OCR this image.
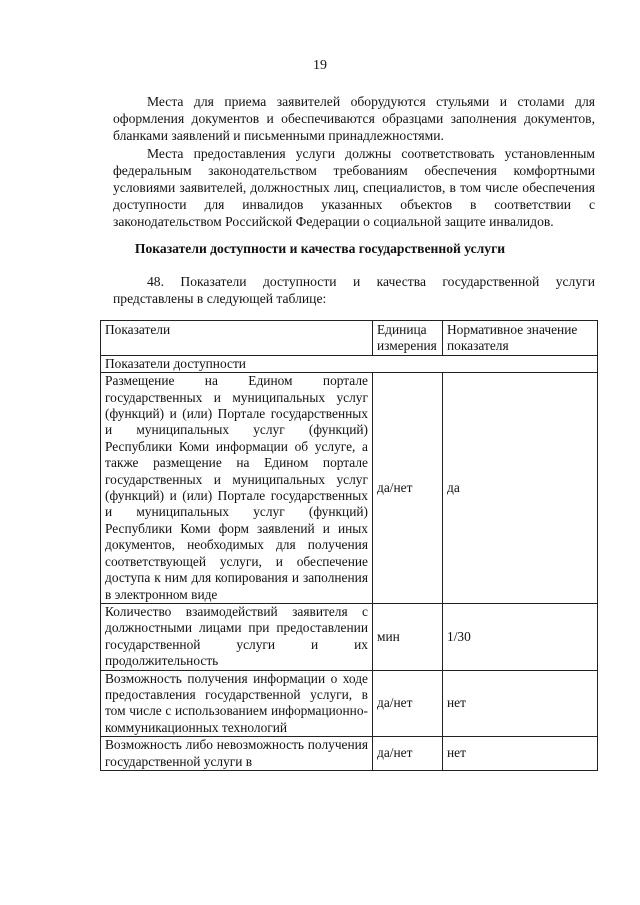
19

Места для приема заявителей оборудуются стульями и столами для оформления документов и обеспечиваются образцами заполнения документов, бланками заявлений и письменными принадлежностями.

Места предоставления услуги должны соответствовать установленным федеральным законодательством требованиям обеспечения комфортными условиями заявителей, должностных лиц, специалистов, в том числе обеспечения доступности для инвалидов указанных объектов в соответствии с законодательством Российской Федерации о социальной защите инвалидов.

Показатели доступности и качества государственной услуги

48. Показатели доступности и качества государственной услуги представлены в следующей таблице:

Показатели	Единица измерения	Нормативное значение показателя
Показатели доступности		
Размещение на Едином портале государственных и муниципальных услуг (функций) и (или) Портале государственных и муниципальных услуг (функций) Республики Коми информации об услуге, а также размещение на Едином портале государственных и муниципальных услуг (функций) и (или) Портале государственных и муниципальных услуг (функций) Республики Коми форм заявлений и иных документов, необходимых для получения соответствующей услуги, и обеспечение доступа к ним для копирования и заполнения в электронном виде	да/нет	да
Количество взаимодействий заявителя с должностными лицами при предоставлении государственной услуги и их продолжительность	мин	1/30
Возможность получения информации о ходе предоставления государственной услуги, в том числе с использованием информационно-коммуникационных технологий	да/нет	нет
Возможность либо невозможность получения государственной услуги в	да/нет	нет
